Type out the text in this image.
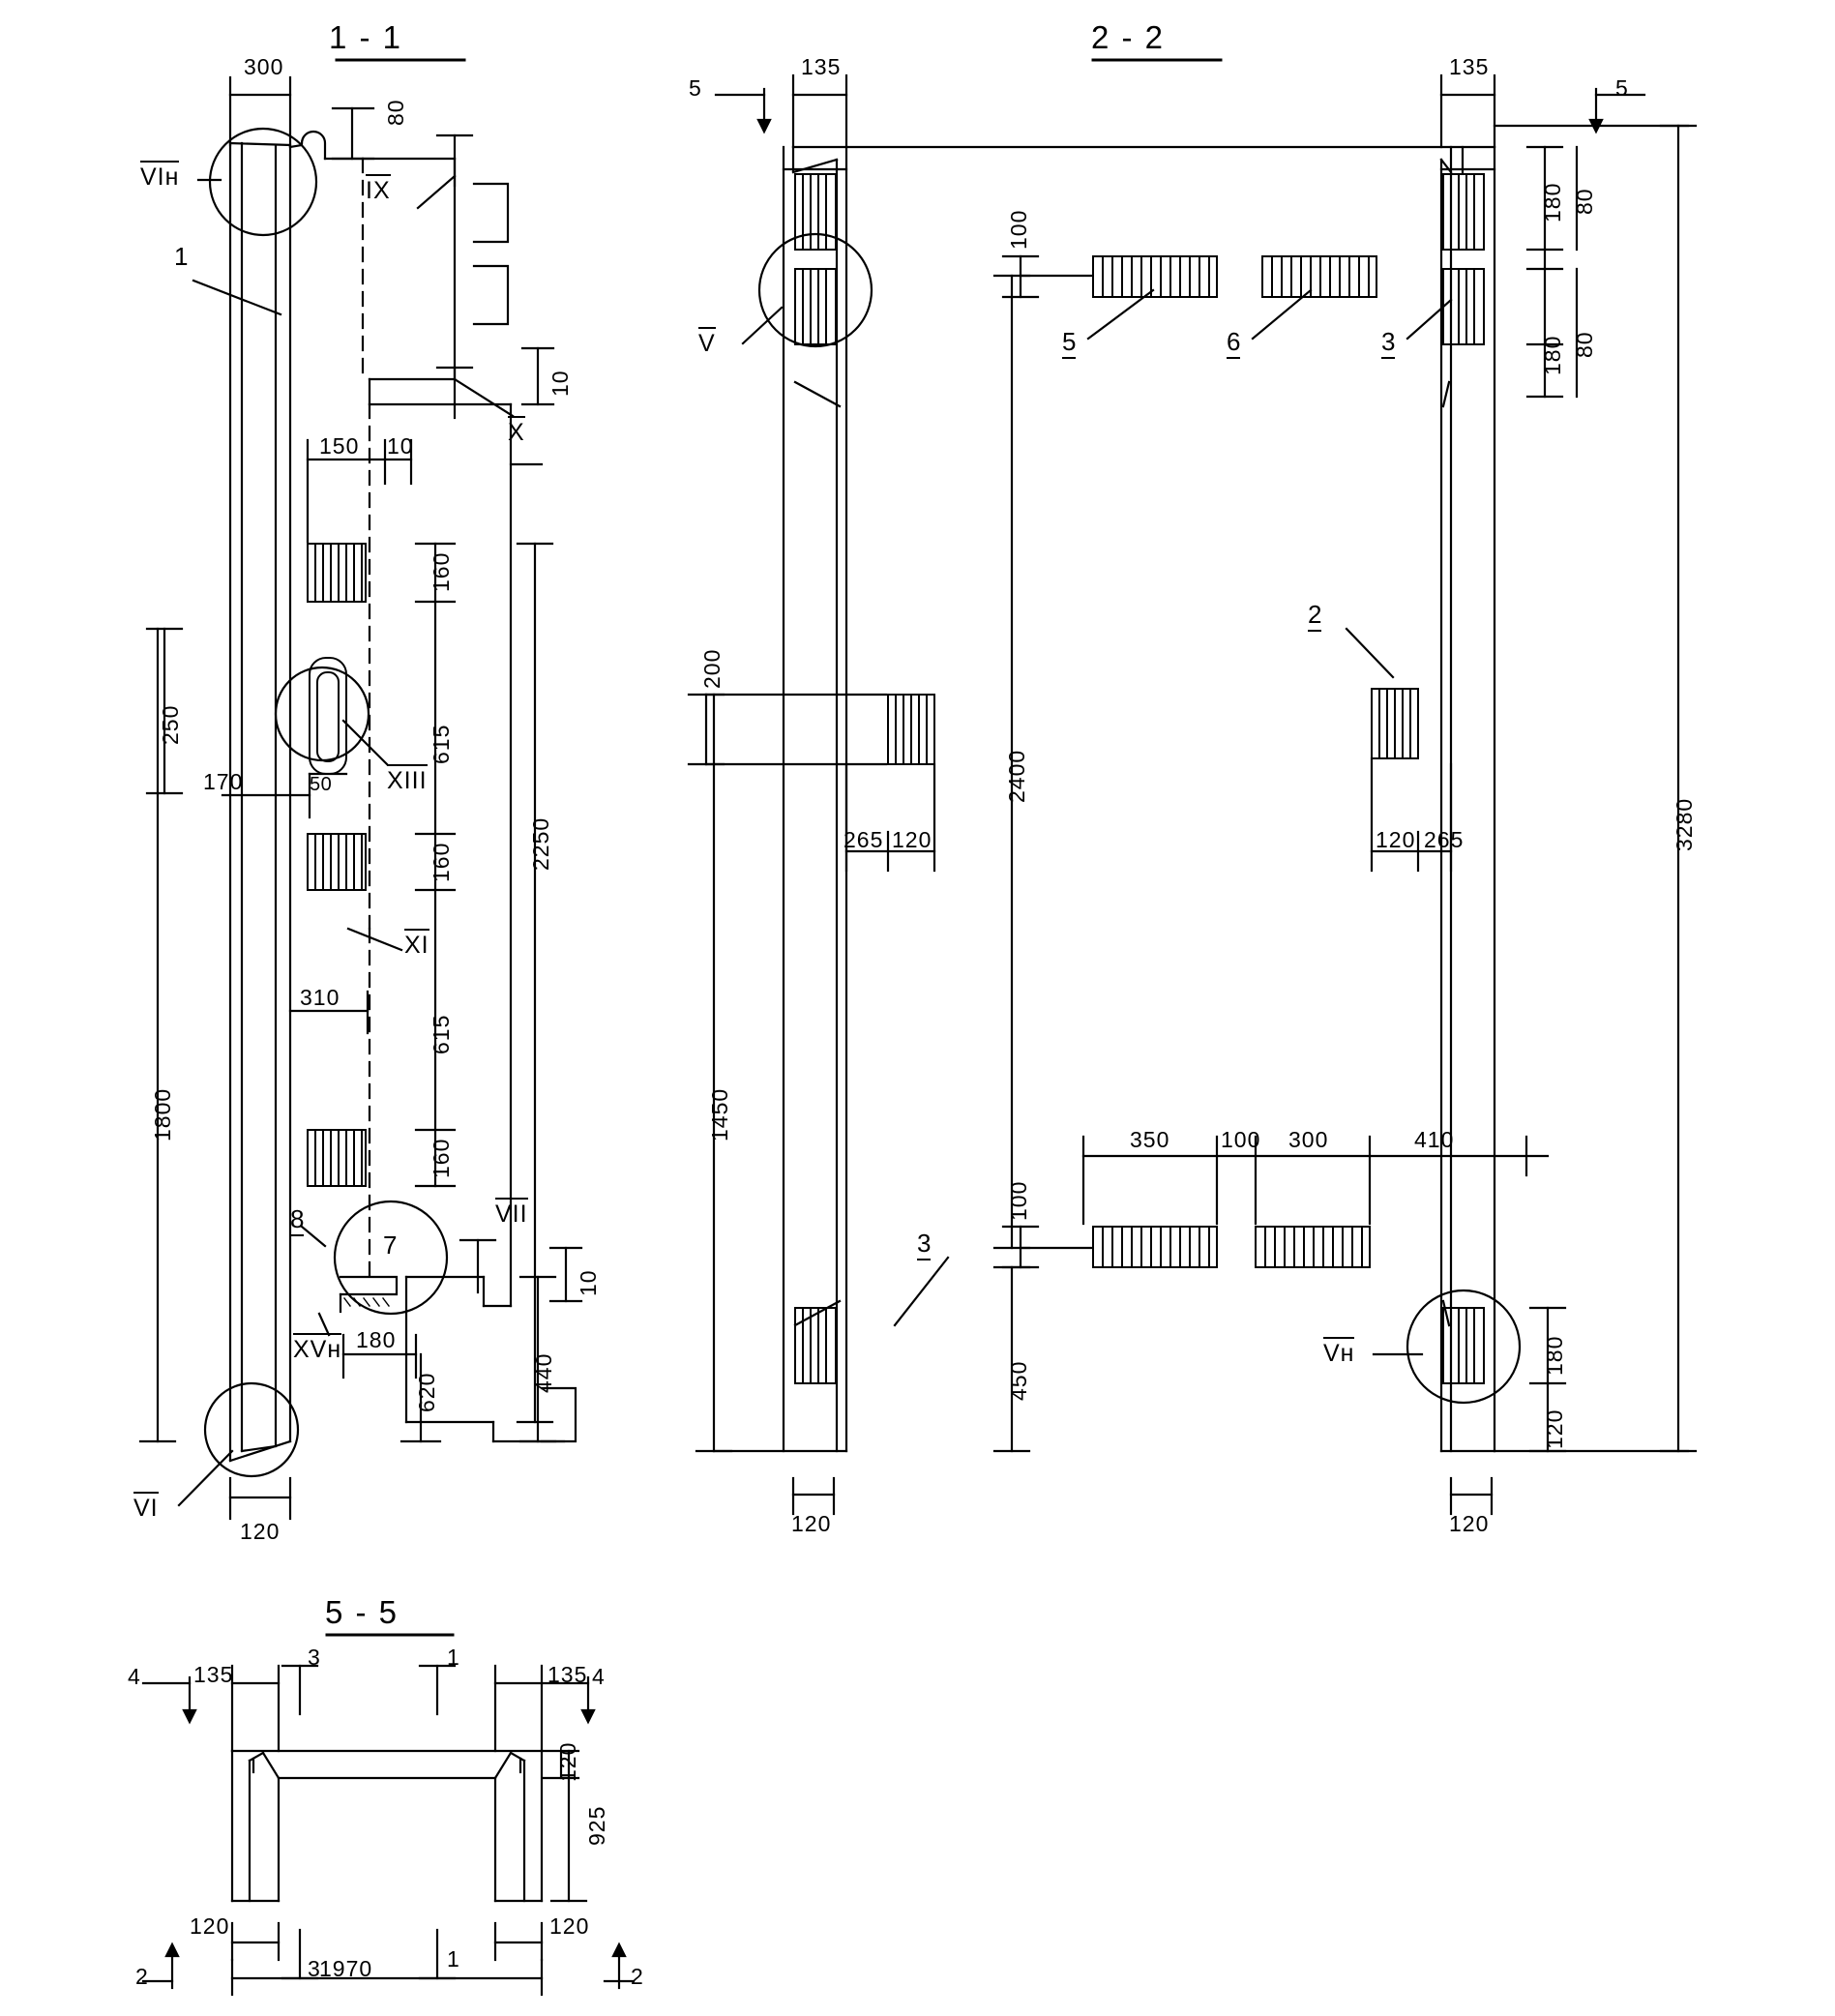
1 - 1	2 - 2
5 - 5
300
80
10
150 10
160
615
50
160
615
160
2250
250
1800
170
310
180
620	440
10
120
1
7
8
VIн	IX
X
XIII
XI
VII
XVн
VI
135	135
5	5
180 80
80
180
3280
100
200
2400
265 120	120 265
1450	350 100 300	410
100
450
180
120
120	120
5	6	3
2
3
V
Vн
135	135
4	4
3	1
120
925
120	120
3	1
1970
2	2
